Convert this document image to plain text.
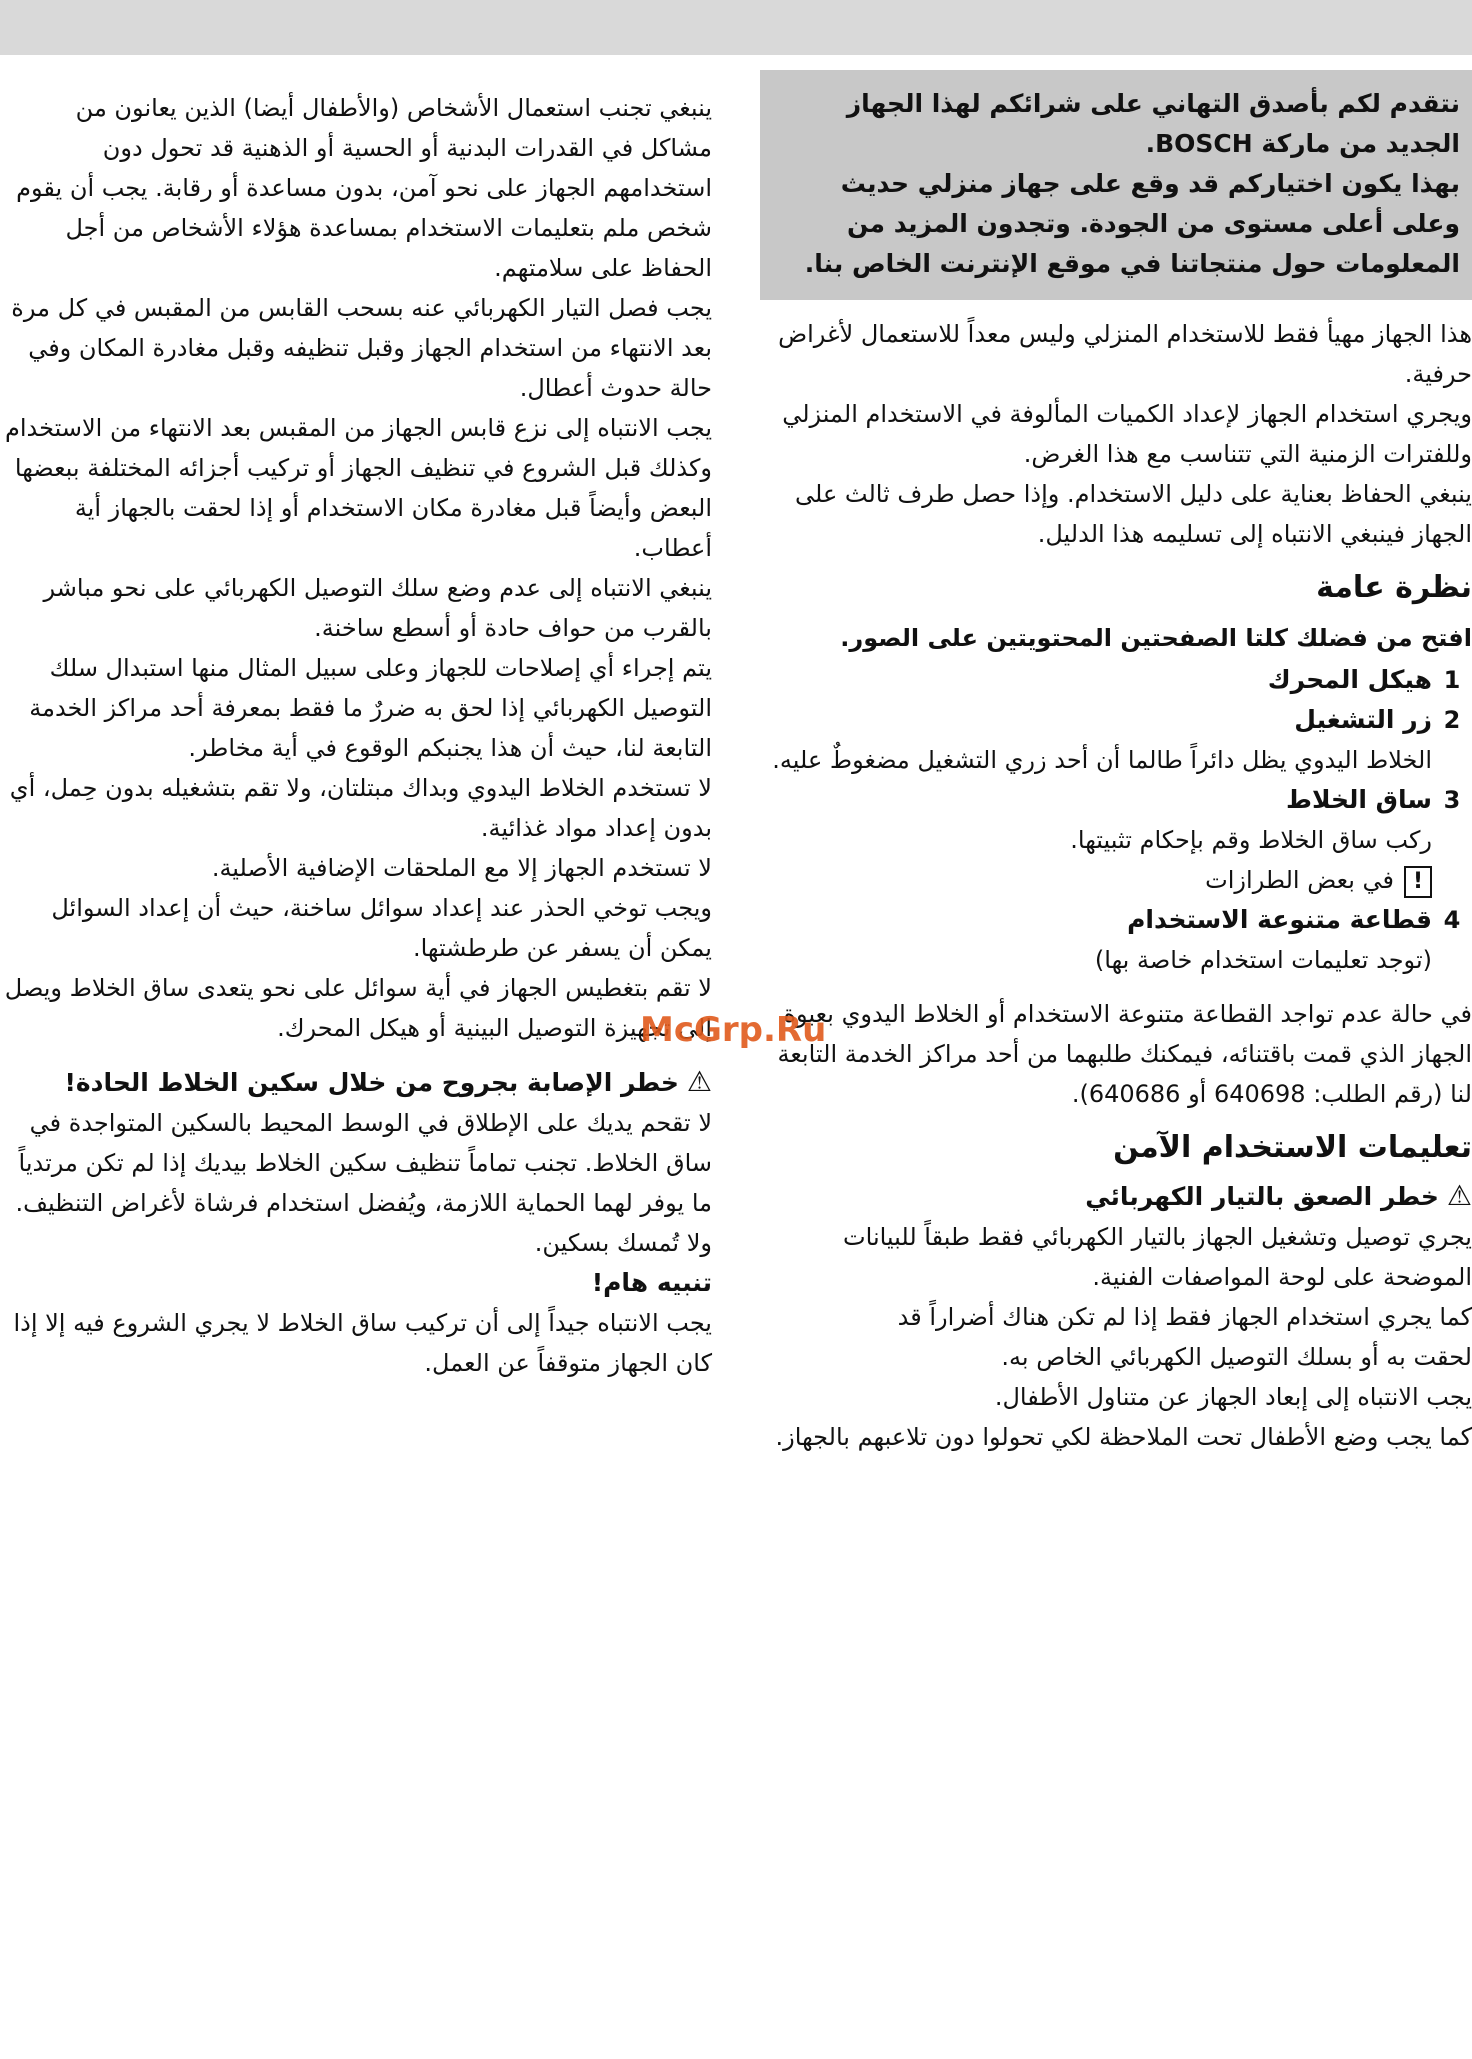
نتقدم لكم بأصدق التهاني على شرائكم لهذا الجهاز الجديد من ماركة BOSCH.

بهذا يكون اختياركم قد وقع على جهاز منزلي حديث وعلى أعلى مستوى من الجودة. وتجدون المزيد من المعلومات حول منتجاتنا في موقع الإنترنت الخاص بنا.

هذا الجهاز مهيأ فقط للاستخدام المنزلي وليس معداً للاستعمال لأغراض حرفية.

ويجري استخدام الجهاز لإعداد الكميات المألوفة في الاستخدام المنزلي وللفترات الزمنية التي تتناسب مع هذا الغرض.

ينبغي الحفاظ بعناية على دليل الاستخدام. وإذا حصل طرف ثالث على الجهاز فينبغي الانتباه إلى تسليمه هذا الدليل.

نظرة عامة
افتح من فضلك كلتا الصفحتين المحتويتين على الصور.
1
هيكل المحرك
2
زر التشغيل

الخلاط اليدوي يظل دائراً طالما أن أحد زري التشغيل مضغوطٌ عليه.

3
ساق الخلاط

ركب ساق الخلاط وقم بإحكام تثبيتها.

!في بعض الطرازات

4
قطاعة متنوعة الاستخدام

(توجد تعليمات استخدام خاصة بها)

في حالة عدم تواجد القطاعة متنوعة الاستخدام أو الخلاط اليدوي بعبوة الجهاز الذي قمت باقتنائه، فيمكنك طلبهما من أحد مراكز الخدمة التابعة لنا (رقم الطلب: 640698 أو 640686).

تعليمات الاستخدام الآمن
⚠خطر الصعق بالتيار الكهربائي

يجري توصيل وتشغيل الجهاز بالتيار الكهربائي فقط طبقاً للبيانات

الموضحة على لوحة المواصفات الفنية.

كما يجري استخدام الجهاز فقط إذا لم تكن هناك أضراراً قد

لحقت به أو بسلك التوصيل الكهربائي الخاص به.

يجب الانتباه إلى إبعاد الجهاز عن متناول الأطفال.

كما يجب وضع الأطفال تحت الملاحظة لكي تحولوا دون تلاعبهم بالجهاز.

ينبغي تجنب استعمال الأشخاص (والأطفال أيضا) الذين يعانون من مشاكل في القدرات البدنية أو الحسية أو الذهنية قد تحول دون استخدامهم الجهاز على نحو آمن، بدون مساعدة أو رقابة. يجب أن يقوم شخص ملم بتعليمات الاستخدام بمساعدة هؤلاء الأشخاص من أجل الحفاظ على سلامتهم.

يجب فصل التيار الكهربائي عنه بسحب القابس من المقبس في كل مرة بعد الانتهاء من استخدام الجهاز وقبل تنظيفه وقبل مغادرة المكان وفي حالة حدوث أعطال.

يجب الانتباه إلى نزع قابس الجهاز من المقبس بعد الانتهاء من الاستخدام وكذلك قبل الشروع في تنظيف الجهاز أو تركيب أجزائه المختلفة ببعضها البعض وأيضاً قبل مغادرة مكان الاستخدام أو إذا لحقت بالجهاز أية أعطاب.

ينبغي الانتباه إلى عدم وضع سلك التوصيل الكهربائي على نحو مباشر بالقرب من حواف حادة أو أسطع ساخنة.

يتم إجراء أي إصلاحات للجهاز وعلى سبيل المثال منها استبدال سلك التوصيل الكهربائي إذا لحق به ضررٌ ما فقط بمعرفة أحد مراكز الخدمة التابعة لنا، حيث أن هذا يجنبكم الوقوع في أية مخاطر.

لا تستخدم الخلاط اليدوي وبداك مبتلتان، ولا تقم بتشغيله بدون حِمل، أي بدون إعداد مواد غذائية.

لا تستخدم الجهاز إلا مع الملحقات الإضافية الأصلية.

ويجب توخي الحذر عند إعداد سوائل ساخنة، حيث أن إعداد السوائل يمكن أن يسفر عن طرطشتها.

لا تقم بتغطيس الجهاز في أية سوائل على نحو يتعدى ساق الخلاط ويصل إلى تجهيزة التوصيل البينية أو هيكل المحرك.

⚠خطر الإصابة بجروح من خلال سكين الخلاط الحادة!

لا تقحم يديك على الإطلاق في الوسط المحيط بالسكين المتواجدة في ساق الخلاط. تجنب تماماً تنظيف سكين الخلاط بيديك إذا لم تكن مرتدياً ما يوفر لهما الحماية اللازمة، ويُفضل استخدام فرشاة لأغراض التنظيف. ولا تُمسك بسكين.

تنبيه هام!

يجب الانتباه جيداً إلى أن تركيب ساق الخلاط لا يجري الشروع فيه إلا إذا كان الجهاز متوقفاً عن العمل.

McGrp.Ru
